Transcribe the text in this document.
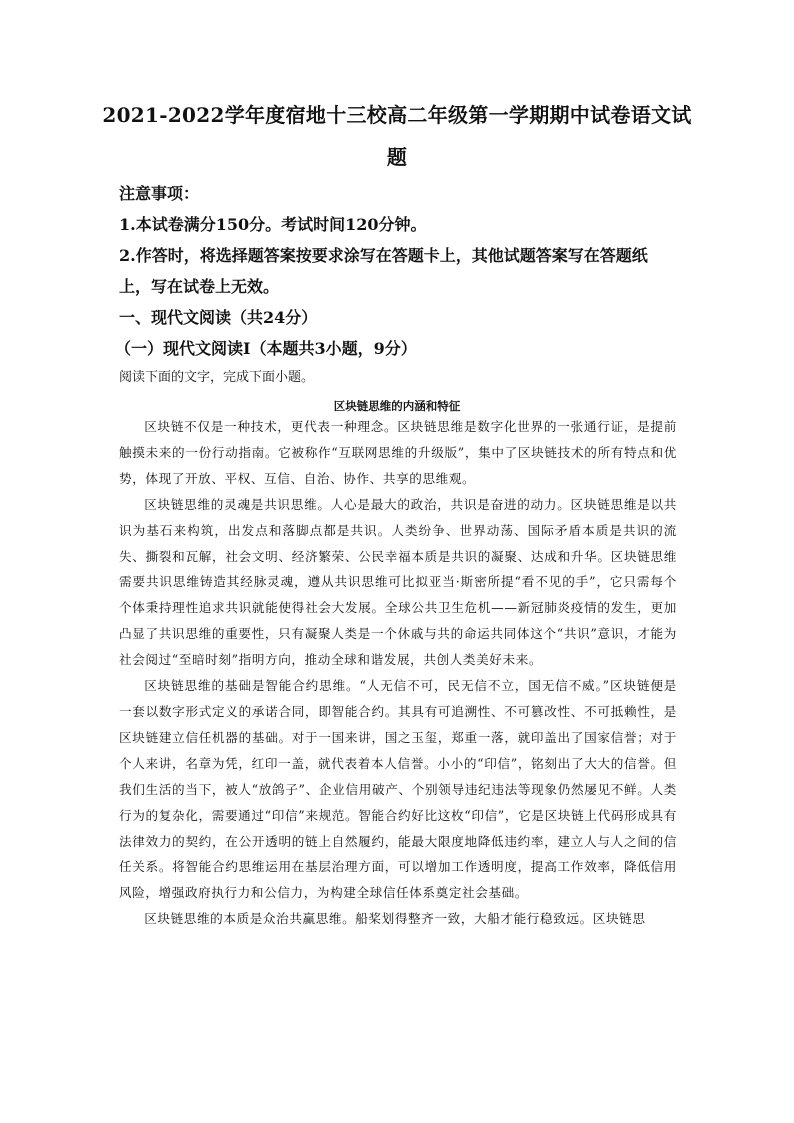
2021-2022学年度宿地十三校高二年级第一学期期中试卷语文试题
注意事项：
1.本试卷满分150分。考试时间120分钟。
2.作答时，将选择题答案按要求涂写在答题卡上，其他试题答案写在答题纸上，写在试卷上无效。
一、现代文阅读（共24分）
（一）现代文阅读Ⅰ（本题共3小题，9分）
阅读下面的文字，完成下面小题。
区块链思维的内涵和特征

区块链不仅是一种技术，更代表一种理念。区块链思维是数字化世界的一张通行证，是提前触摸未来的一份行动指南。它被称作“互联网思维的升级版”，集中了区块链技术的所有特点和优势，体现了开放、平权、互信、自治、协作、共享的思维观。

区块链思维的灵魂是共识思维。人心是最大的政治，共识是奋进的动力。区块链思维是以共识为基石来构筑，出发点和落脚点都是共识。人类纷争、世界动荡、国际矛盾本质是共识的流失、撕裂和瓦解，社会文明、经济繁荣、公民幸福本质是共识的凝聚、达成和升华。区块链思维需要共识思维铸造其经脉灵魂，遵从共识思维可比拟亚当·斯密所提“看不见的手”，它只需每个个体秉持理性追求共识就能使得社会大发展。全球公共卫生危机——新冠肺炎疫情的发生，更加凸显了共识思维的重要性，只有凝聚人类是一个休戚与共的命运共同体这个“共识”意识，才能为社会阅过“至暗时刻”指明方向，推动全球和谐发展，共创人类美好未来。

区块链思维的基础是智能合约思维。“人无信不可，民无信不立，国无信不威。”区块链便是一套以数字形式定义的承诺合同，即智能合约。其具有可追溯性、不可篡改性、不可抵赖性，是区块链建立信任机器的基础。对于一国来讲，国之玉玺，郑重一落，就印盖出了国家信誉；对于个人来讲，名章为凭，红印一盖，就代表着本人信誉。小小的“印信”，铭刻出了大大的信誉。但我们生活的当下，被人“放鸽子”、企业信用破产、个别领导违纪违法等现象仍然屡见不鲜。人类行为的复杂化，需要通过“印信”来规范。智能合约好比这枚“印信”，它是区块链上代码形成具有法律效力的契约，在公开透明的链上自然履约，能最大限度地降低违约率，建立人与人之间的信任关系。将智能合约思维运用在基层治理方面，可以增加工作透明度，提高工作效率，降低信用风险，增强政府执行力和公信力，为构建全球信任体系奠定社会基础。

区块链思维的本质是众治共赢思维。船桨划得整齐一致，大船才能行稳致远。区块链思
